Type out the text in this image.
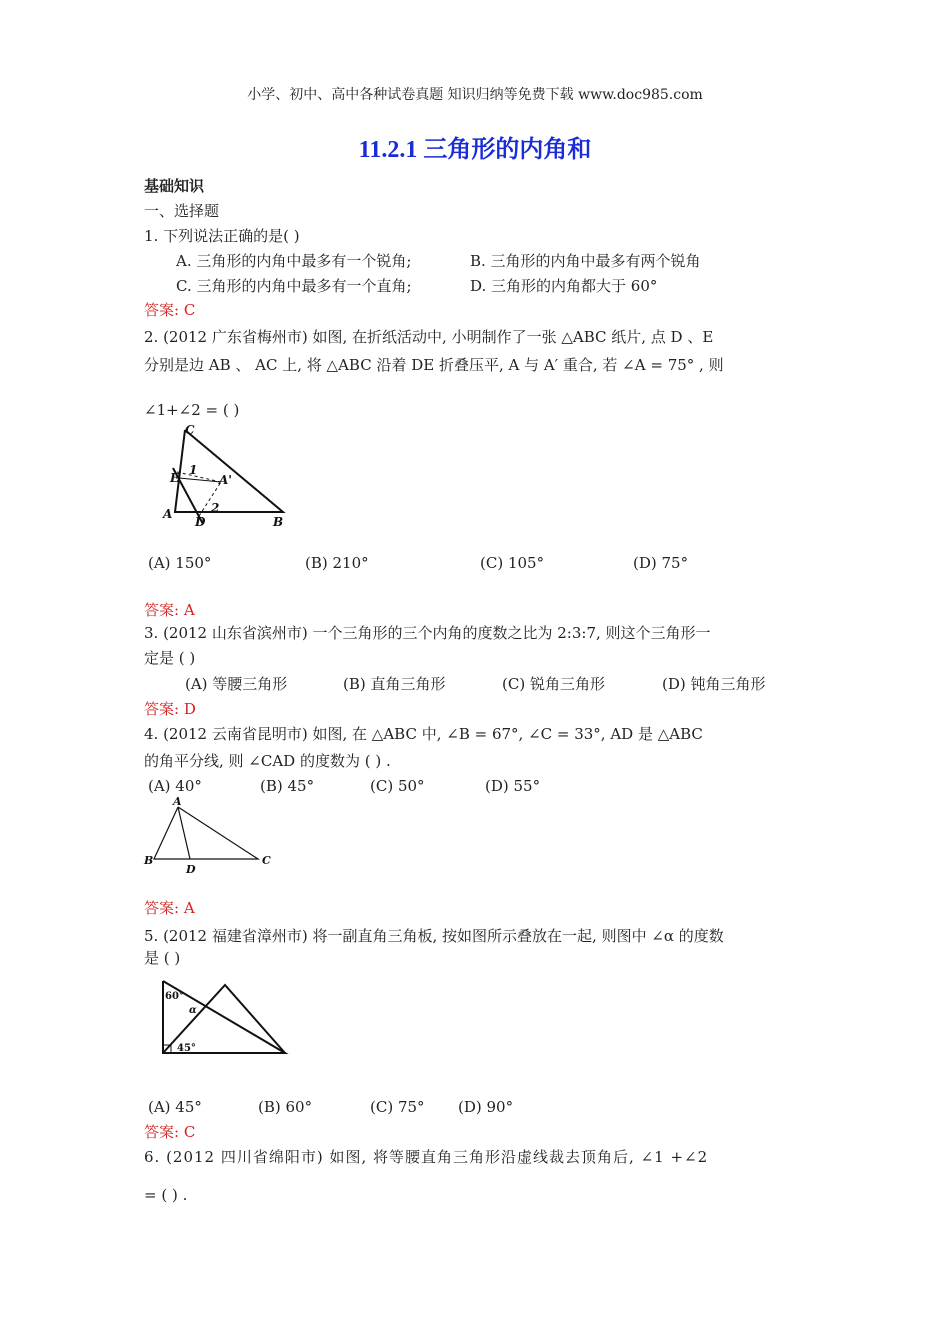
小学、初中、高中各种试卷真题 知识归纳等免费下载 www.doc985.com
11.2.1 三角形的内角和
基础知识
一、选择题
1. 下列说法正确的是( )
A. 三角形的内角中最多有一个锐角;	B. 三角形的内角中最多有两个锐角
C. 三角形的内角中最多有一个直角;	D. 三角形的内角都大于 60°
答案: C
2. (2012 广东省梅州市) 如图, 在折纸活动中, 小明制作了一张 △ABC 纸片, 点 D 、E
分别是边 AB 、 AC 上, 将 △ABC 沿着 DE 折叠压平, A 与 A′ 重合, 若 ∠A = 75° , 则
∠1+∠2 = ( )
C
E
1
A'
A
D
2
B
(A) 150°	(B) 210°	(C) 105°	(D) 75°
答案: A
3. (2012 山东省滨州市) 一个三角形的三个内角的度数之比为 2:3:7, 则这个三角形一
定是 ( )
(A) 等腰三角形	(B) 直角三角形	(C) 锐角三角形	(D) 钝角三角形
答案: D
4. (2012 云南省昆明市) 如图, 在 △ABC 中, ∠B = 67°, ∠C = 33°, AD 是 △ABC
的角平分线, 则 ∠CAD 的度数为 ( ) .
(A) 40°	(B) 45°	(C) 50°	(D) 55°
A
B
D
C
答案: A
5. (2012 福建省漳州市) 将一副直角三角板, 按如图所示叠放在一起, 则图中 ∠α 的度数
是 ( )
60°
α
45°
(A) 45°	(B) 60°	(C) 75° (D) 90°
答案: C
6. (2012 四川省绵阳市) 如图, 将等腰直角三角形沿虚线裁去顶角后, ∠1 +∠2
= ( ) .
